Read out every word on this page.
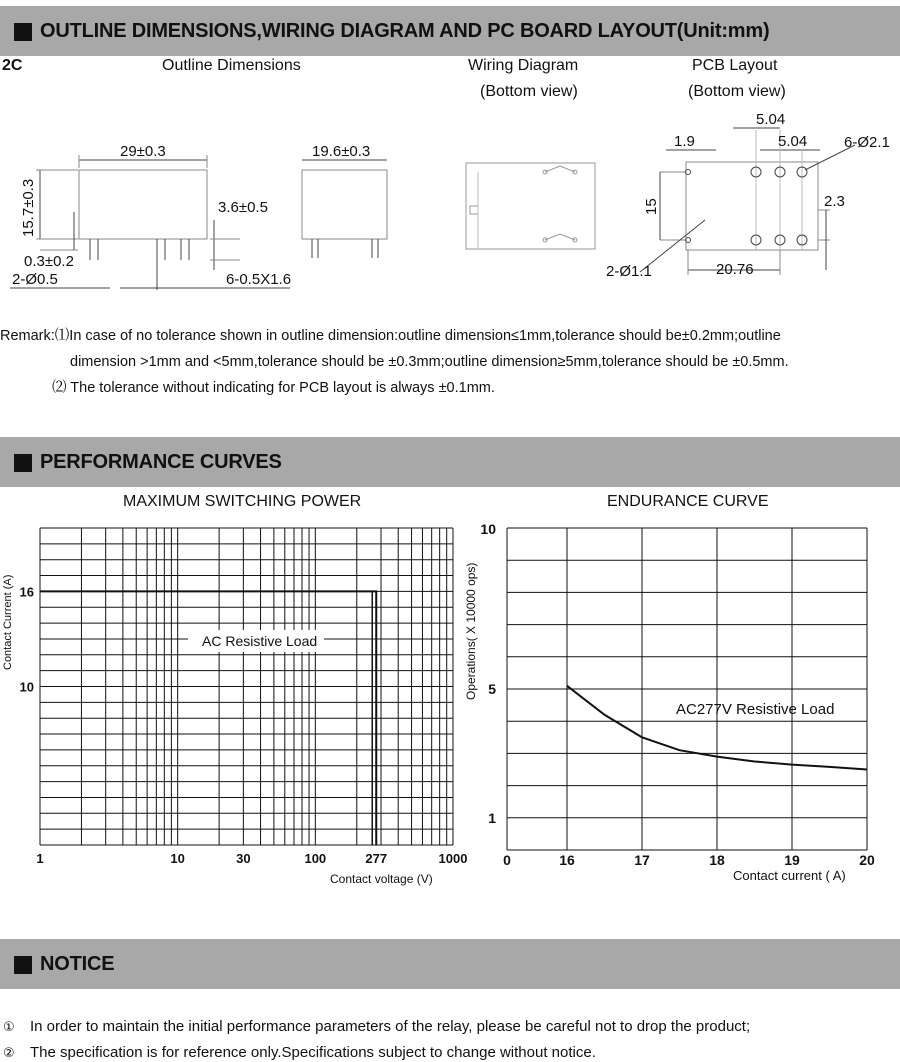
OUTLINE DIMENSIONS,WIRING DIAGRAM AND PC BOARD LAYOUT(Unit:mm)
2C	Outline Dimensions	Wiring Diagram
(Bottom view)
PCB Layout
(Bottom view)
29±0.3	19.6±0.3
15.7±0.3	3.6±0.5
0.3±0.2
2-Ø0.5	6-0.5X1.6
5.04
5.04
1.9	6-Ø2.1
15	2.3
20.76
2-Ø1.1
Remark:⑴In case of no tolerance shown in outline dimension:outline dimension≤1mm,tolerance should be±0.2mm;outline
dimension >1mm and <5mm,tolerance should be ±0.3mm;outline dimension≥5mm,tolerance should be ±0.5mm.
⑵ The tolerance without indicating for PCB layout is always ±0.1mm.
PERFORMANCE CURVES
MAXIMUM SWITCHING POWER	ENDURANCE CURVE
1	10	30	100	277	1000
16
10
Contact Current (A)
Contact voltage (V)
AC Resistive Load
0	16	17	18	19	20
10
5
1
Operations( X 10000 ops)
Contact current ( A)
AC277V Resistive Load
NOTICE
① In order to maintain the initial performance parameters of the relay, please be careful not to drop the product;
② The specification is for reference only.Specifications subject to change without notice.
